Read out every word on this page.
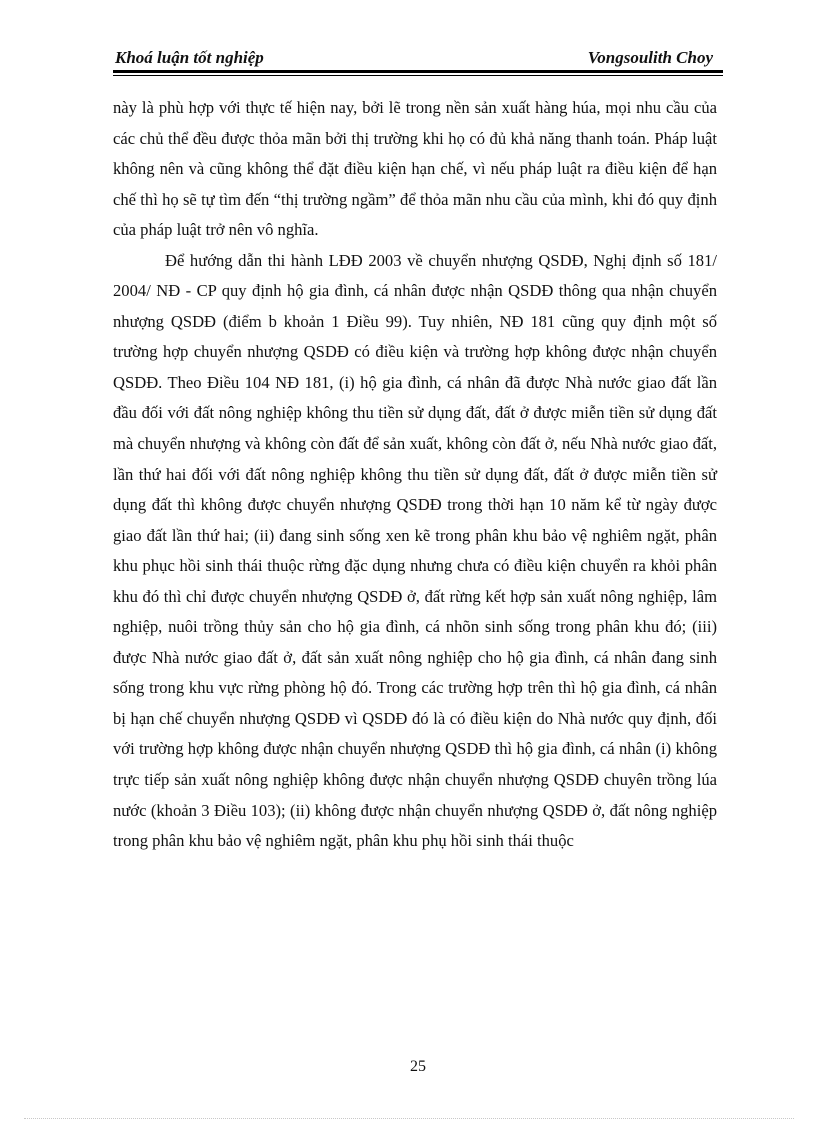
Khoá luận tốt nghiệp	Vongsoulith Choy

này là phù hợp với thực tế hiện nay, bởi lẽ trong nền sản xuất hàng húa, mọi nhu cầu của các chủ thể đều được thỏa mãn bởi thị trường khi họ có đủ khả năng thanh toán. Pháp luật không nên và cũng không thể đặt điều kiện hạn chế, vì nếu pháp luật ra điều kiện để hạn chế thì họ sẽ tự tìm đến “thị trường ngầm” để thỏa mãn nhu cầu của mình, khi đó quy định của pháp luật trở nên vô nghĩa.

Để hướng dẫn thi hành LĐĐ 2003 về chuyển nhượng QSDĐ, Nghị định số 181/ 2004/ NĐ - CP quy định hộ gia đình, cá nhân được nhận QSDĐ thông qua nhận chuyển nhượng QSDĐ (điểm b khoản 1 Điều 99). Tuy nhiên, NĐ 181 cũng quy định một số trường hợp chuyển nhượng QSDĐ có điều kiện và trường hợp không được nhận chuyển QSDĐ. Theo Điều 104 NĐ 181, (i) hộ gia đình, cá nhân đã được Nhà nước giao đất lần đầu đối với đất nông nghiệp không thu tiền sử dụng đất, đất ở được miễn tiền sử dụng đất mà chuyển nhượng và không còn đất để sản xuất, không còn đất ở, nếu Nhà nước giao đất, lần thứ hai đối với đất nông nghiệp không thu tiền sử dụng đất, đất ở được miễn tiền sử dụng đất thì không được chuyển nhượng QSDĐ trong thời hạn 10 năm kể từ ngày được giao đất lần thứ hai; (ii) đang sinh sống xen kẽ trong phân khu bảo vệ nghiêm ngặt, phân khu phục hồi sinh thái thuộc rừng đặc dụng nhưng chưa có điều kiện chuyển ra khỏi phân khu đó thì chỉ được chuyển nhượng QSDĐ ở, đất rừng kết hợp sản xuất nông nghiệp, lâm nghiệp, nuôi trồng thủy sản cho hộ gia đình, cá nhõn sinh sống trong phân khu đó; (iii) được Nhà nước giao đất ở, đất sản xuất nông nghiệp cho hộ gia đình, cá nhân đang sinh sống trong khu vực rừng phòng hộ đó. Trong các trường hợp trên thì hộ gia đình, cá nhân bị hạn chế chuyển nhượng QSDĐ vì QSDĐ đó là có điều kiện do Nhà nước quy định, đối với trường hợp không được nhận chuyển nhượng QSDĐ thì hộ gia đình, cá nhân (i) không trực tiếp sản xuất nông nghiệp không được nhận chuyển nhượng QSDĐ chuyên trồng lúa nước (khoản 3 Điều 103); (ii) không được nhận chuyển nhượng QSDĐ ở, đất nông nghiệp trong phân khu bảo vệ nghiêm ngặt, phân khu phụ hồi sinh thái thuộc

25
